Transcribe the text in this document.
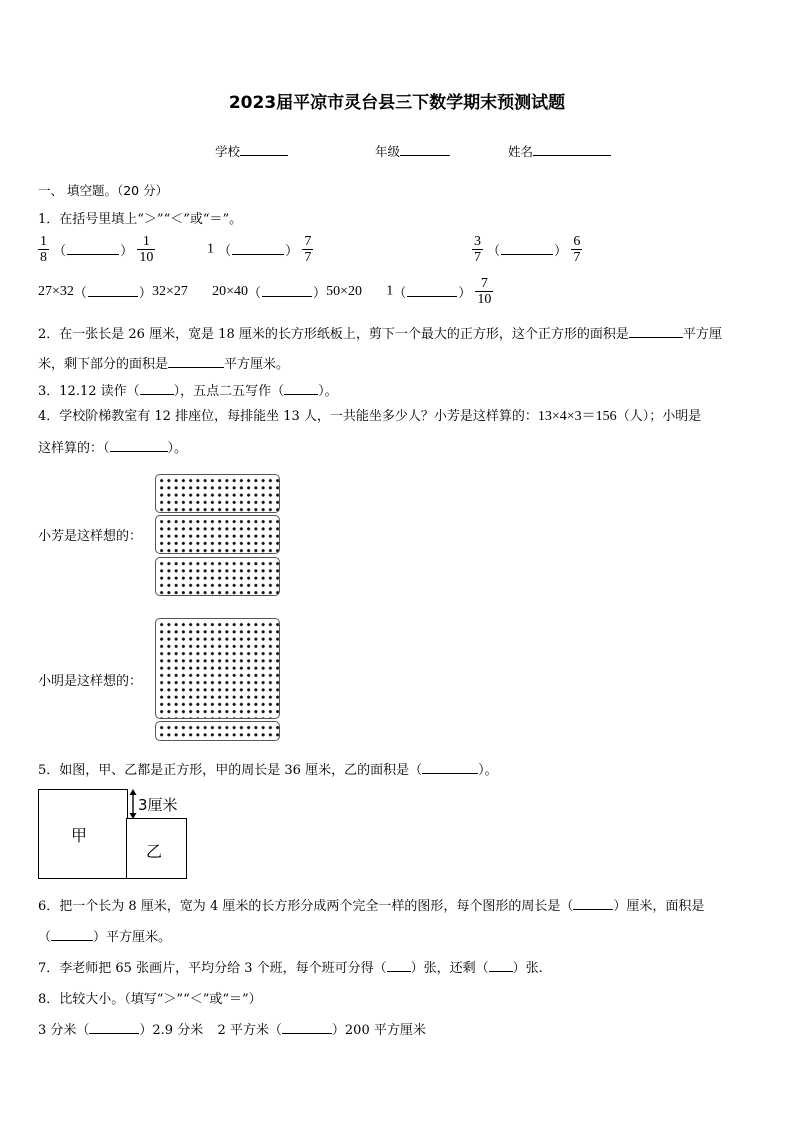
2023届平凉市灵台县三下数学期末预测试题
学校	年级	姓名
一、 填空题。（20 分）
1．在括号里填上“＞”“＜”或“＝”。
$\frac{1}{8}$ （	） $\frac{1}{10}$	1 （	） $\frac{7}{7}$	$\frac{3}{7}$ （	） $\frac{6}{7}$
27×32（	）32×27 20×40（	）50×20 1（	） $\frac{7}{10}$
2．在一张长是 26 厘米，宽是 18 厘米的长方形纸板上，剪下一个最大的正方形，这个正方形的面积是	平方厘
米，剩下部分的面积是	平方厘米。
3．12.12 读作（	），五点二五写作（	）。
4．学校阶梯教室有 12 排座位，每排能坐 13 人，一共能坐多少人？小芳是这样算的：13×4×3＝156（人）；小明是
这样算的：（	）。
小芳是这样想的：
小明是这样想的：
5．如图，甲、乙都是正方形，甲的周长是 36 厘米，乙的面积是（	）。
甲
乙
3厘米
6．把一个长为 8 厘米，宽为 4 厘米的长方形分成两个完全一样的图形，每个图形的周长是（	）厘米，面积是
（	）平方厘米。
7．李老师把 65 张画片，平均分给 3 个班，每个班可分得（ ）张，还剩（ ）张.
8．比较大小。（填写“＞”“＜”或“＝”）
3 分米（	）2.9 分米 2 平方米（	）200 平方厘米
